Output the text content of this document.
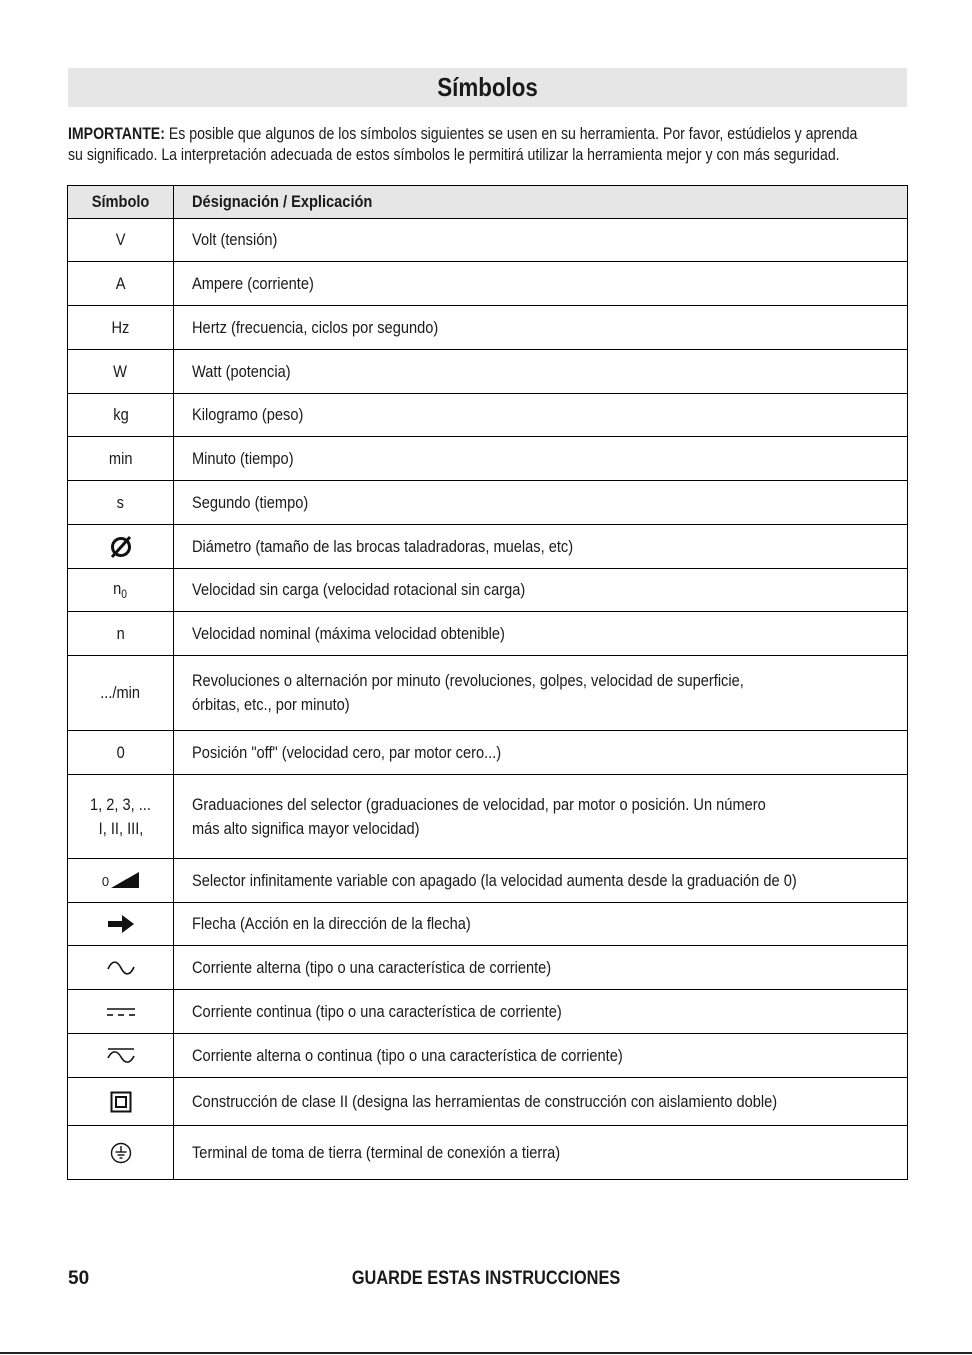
Símbolos
IMPORTANTE: Es posible que algunos de los símbolos siguientes se usen en su herramienta. Por favor, estúdielos y aprenda
su significado. La interpretación adecuada de estos símbolos le permitirá utilizar la herramienta mejor y con más seguridad.
Símbolo	Désignación / Explicación
V	Volt (tensión)
A	Ampere (corriente)
Hz	Hertz (frecuencia, ciclos por segundo)
W	Watt (potencia)
kg	Kilogramo (peso)
min	Minuto (tiempo)
s	Segundo (tiempo)

	Diámetro (tamaño de las brocas taladradoras, muelas, etc)
$n_0$	Velocidad sin carga (velocidad rotacional sin carga)
n	Velocidad nominal (máxima velocidad obtenible)
.../min	Revoluciones o alternación por minuto (revoluciones, golpes, velocidad de superficie,
órbitas, etc., por minuto)
0	Posición "off" (velocidad cero, par motor cero...)
1, 2, 3, ...
I, II, III,	Graduaciones del selector (graduaciones de velocidad, par motor o posición. Un número
más alto significa mayor velocidad)

0	Selector infinitamente variable con apagado (la velocidad aumenta desde la graduación de 0)

	Flecha (Acción en la dirección de la flecha)

	Corriente alterna (tipo o una característica de corriente)

	Corriente continua (tipo o una característica de corriente)

	Corriente alterna o continua (tipo o una característica de corriente)

	Construcción de clase II (designa las herramientas de construcción con aislamiento doble)

	Terminal de toma de tierra (terminal de conexión a tierra)
50	GUARDE ESTAS INSTRUCCIONES
